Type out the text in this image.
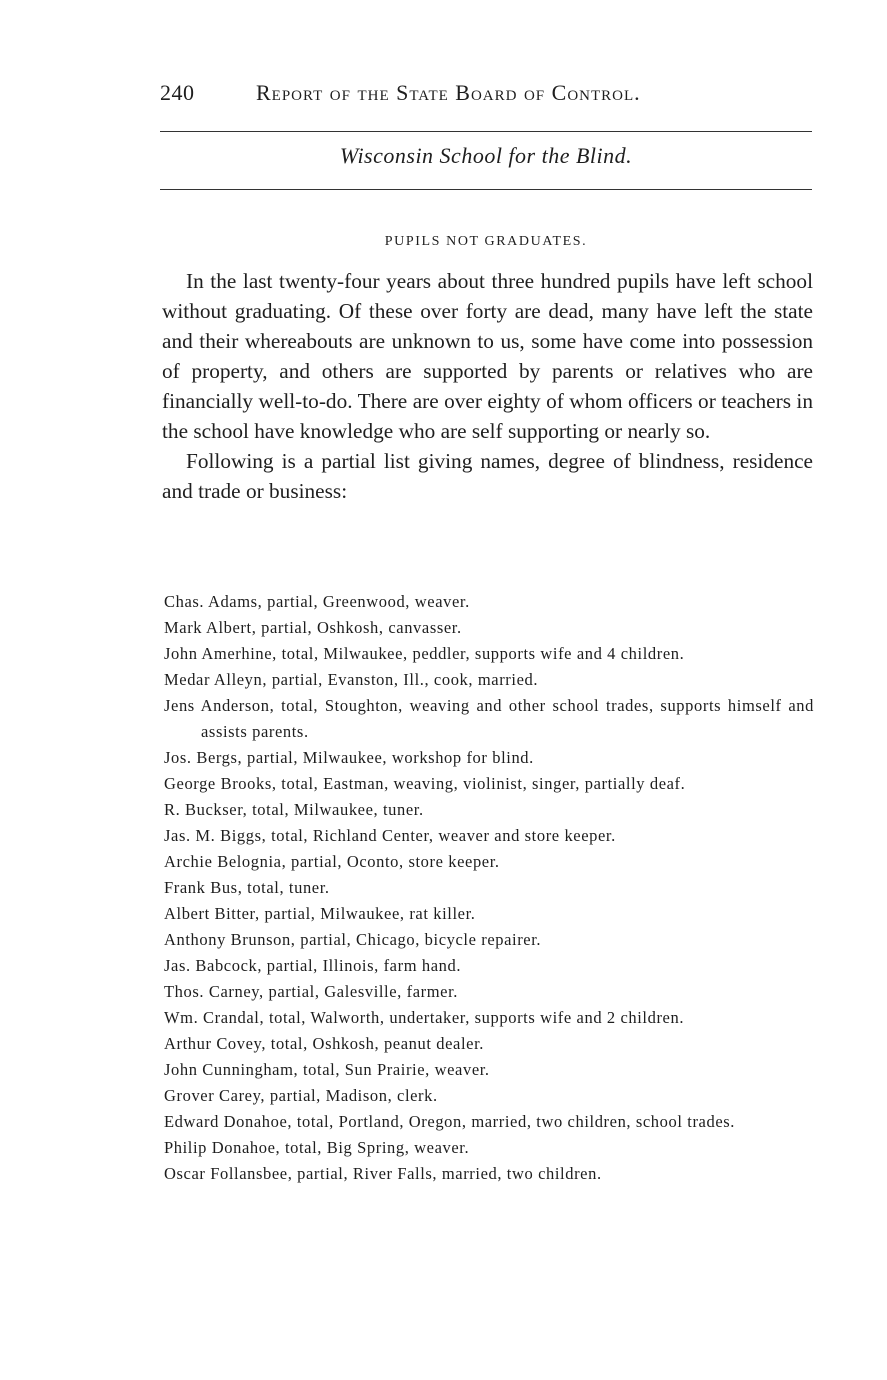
240	Report of the State Board of Control.
Wisconsin School for the Blind.
PUPILS NOT GRADUATES.

In the last twenty-four years about three hundred pupils have left school without graduating. Of these over forty are dead, many have left the state and their whereabouts are unknown to us, some have come into possession of property, and others are supported by parents or relatives who are financially well-to-do. There are over eighty of whom officers or teachers in the school have knowledge who are self supporting or nearly so.

Following is a partial list giving names, degree of blindness, residence and trade or business:

Chas. Adams, partial, Greenwood, weaver.
Mark Albert, partial, Oshkosh, canvasser.
John Amerhine, total, Milwaukee, peddler, supports wife and 4 children.
Medar Alleyn, partial, Evanston, Ill., cook, married.
Jens Anderson, total, Stoughton, weaving and other school trades, supports himself and assists parents.
Jos. Bergs, partial, Milwaukee, workshop for blind.
George Brooks, total, Eastman, weaving, violinist, singer, partially deaf.
R. Buckser, total, Milwaukee, tuner.
Jas. M. Biggs, total, Richland Center, weaver and store keeper.
Archie Belognia, partial, Oconto, store keeper.
Frank Bus, total, tuner.
Albert Bitter, partial, Milwaukee, rat killer.
Anthony Brunson, partial, Chicago, bicycle repairer.
Jas. Babcock, partial, Illinois, farm hand.
Thos. Carney, partial, Galesville, farmer.
Wm. Crandal, total, Walworth, undertaker, supports wife and 2 children.
Arthur Covey, total, Oshkosh, peanut dealer.
John Cunningham, total, Sun Prairie, weaver.
Grover Carey, partial, Madison, clerk.
Edward Donahoe, total, Portland, Oregon, married, two children, school trades.
Philip Donahoe, total, Big Spring, weaver.
Oscar Follansbee, partial, River Falls, married, two children.
